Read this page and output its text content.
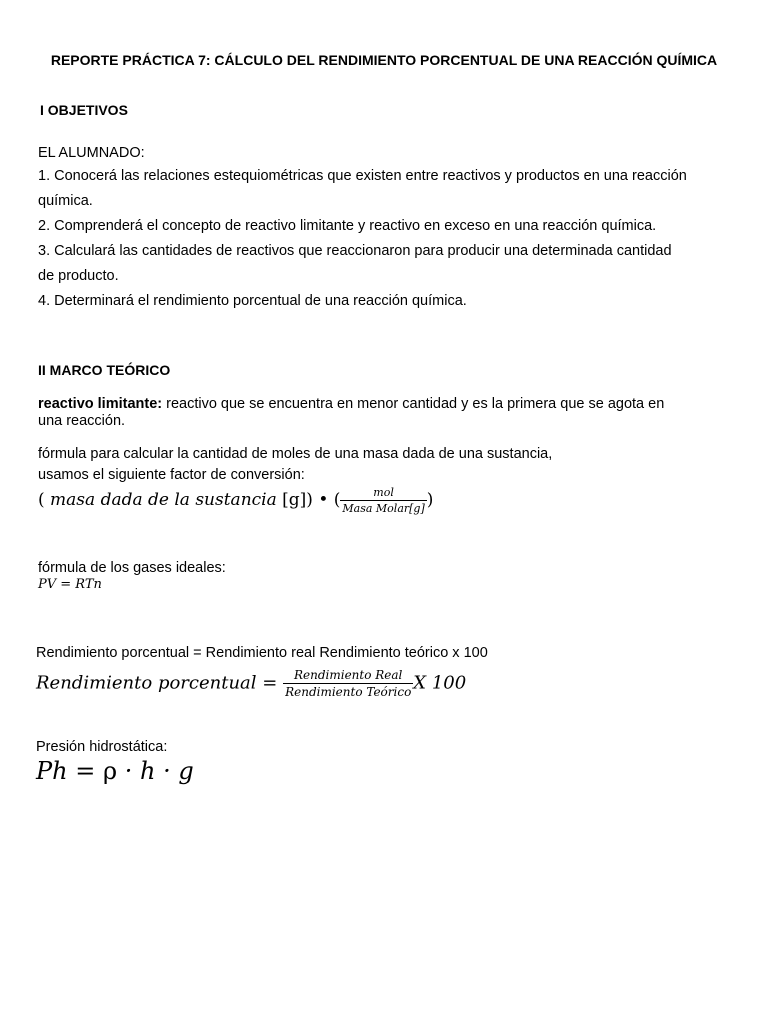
REPORTE PRÁCTICA 7: CÁLCULO DEL RENDIMIENTO PORCENTUAL DE UNA REACCIÓN QUÍMICA
I OBJETIVOS
EL ALUMNADO:
1. Conocerá las relaciones estequiométricas que existen entre reactivos y productos en una reacción
química.
2. Comprenderá el concepto de reactivo limitante y reactivo en exceso en una reacción química.
3. Calculará las cantidades de reactivos que reaccionaron para producir una determinada cantidad
de producto.
4. Determinará el rendimiento porcentual de una reacción química.
II MARCO TEÓRICO
reactivo limitante: reactivo que se encuentra en menor cantidad y es la primera que se agota en
una reacción.
fórmula para calcular la cantidad de moles de una masa dada de una sustancia,
usamos el siguiente factor de conversión:
( masa dada de la sustancia [g]) • ( $\frac{\text{mol}}{\text{Masa Molar[g]}}$ )
fórmula de los gases ideales:
PV = RTn
Rendimiento porcentual = Rendimiento real Rendimiento teórico x 100
Rendimiento porcentual = $\frac{\text{Rendimiento Real}}{\text{Rendimiento Teórico}}$ X 100
Presión hidrostática:
Ph = ρ · h · g
